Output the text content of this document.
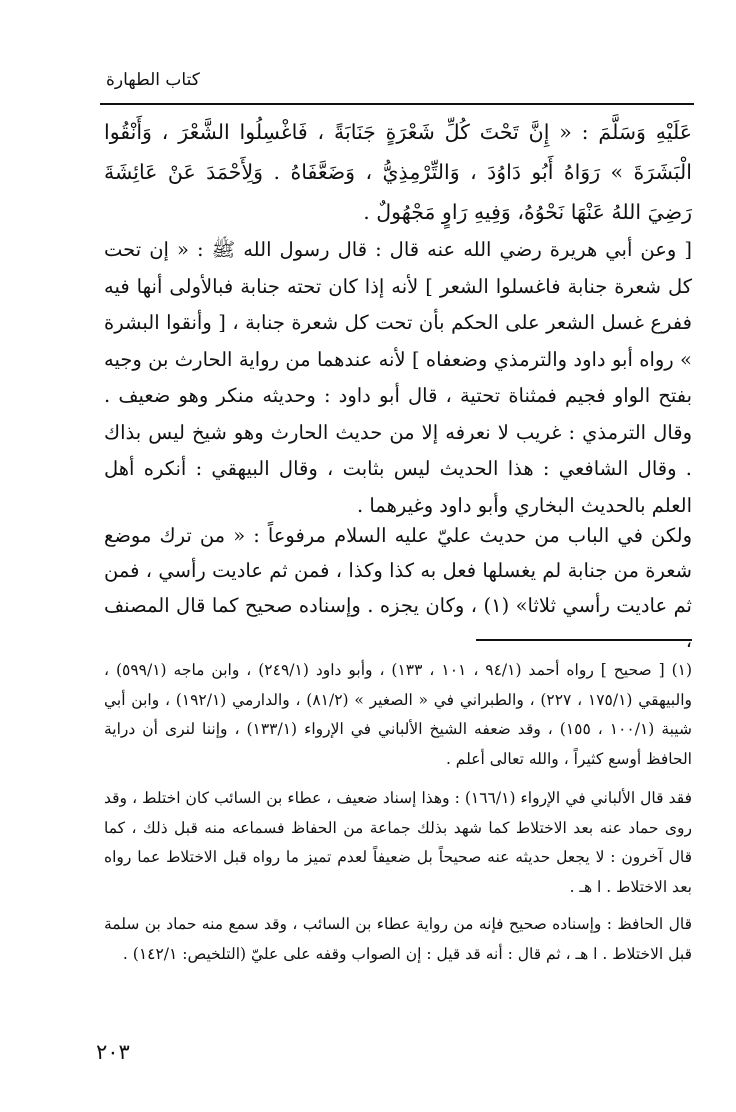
كتاب الطهارة

عَلَيْهِ وَسَلَّمَ : « إِنَّ تَحْتَ كُلِّ شَعْرَةٍ جَنَابَةً ، فَاغْسِلُوا الشَّعْرَ ، وَأَنْقُوا الْبَشَرَةَ » رَوَاهُ أَبُو دَاوُدَ ، وَالتِّرْمِذِيُّ ، وَضَعَّفَاهُ . وَلِأَحْمَدَ عَنْ عَائِشَةَ رَضِيَ اللهُ عَنْهَا نَحْوُهُ، وَفِيهِ رَاوٍ مَجْهُولٌ .

[ وعن أبي هريرة رضي الله عنه قال : قال رسول الله ﷺ : « إن تحت كل شعرة جنابة فاغسلوا الشعر ] لأنه إذا كان تحته جنابة فبالأولى أنها فيه ففرع غسل الشعر على الحكم بأن تحت كل شعرة جنابة ، [ وأنقوا البشرة » رواه أبو داود والترمذي وضعفاه ] لأنه عندهما من رواية الحارث بن وجيه بفتح الواو فجيم فمثناة تحتية ، قال أبو داود : وحديثه منكر وهو ضعيف . وقال الترمذي : غريب لا نعرفه إلا من حديث الحارث وهو شيخ ليس بذاك . وقال الشافعي : هذا الحديث ليس بثابت ، وقال البيهقي : أنكره أهل العلم بالحديث البخاري وأبو داود وغيرهما .

ولكن في الباب من حديث عليّ عليه السلام مرفوعاً : « من ترك موضع شعرة من جنابة لم يغسلها فعل به كذا وكذا ، فمن ثم عاديت رأسي ، فمن ثم عاديت رأسي ثلاثا» (١) ، وكان يجزه . وإسناده صحيح كما قال المصنف

(١) [ صحيح ] رواه أحمد (٩٤/١ ، ١٠١ ، ١٣٣) ، وأبو داود (٢٤٩/١) ، وابن ماجه (٥٩٩/١) ، والبيهقي (١٧٥/١ ، ٢٢٧) ، والطبراني في « الصغير » (٨١/٢) ، والدارمي (١٩٢/١) ، وابن أبي شيبة (١٠٠/١ ، ١٥٥) ، وقد ضعفه الشيخ الألباني في الإرواء (١٣٣/١) ، وإننا لنرى أن دراية الحافظ أوسع كثيراً ، والله تعالى أعلم .

فقد قال الألباني في الإرواء (١٦٦/١) : وهذا إسناد ضعيف ، عطاء بن السائب كان اختلط ، وقد روى حماد عنه بعد الاختلاط كما شهد بذلك جماعة من الحفاظ فسماعه منه قبل ذلك ، كما قال آخرون : لا يجعل حديثه عنه صحيحاً بل ضعيفاً لعدم تميز ما رواه قبل الاختلاط عما رواه بعد الاختلاط . ا هـ .

قال الحافظ : وإسناده صحيح فإنه من رواية عطاء بن السائب ، وقد سمع منه حماد بن سلمة قبل الاختلاط . ا هـ ، ثم قال : أنه قد قيل : إن الصواب وقفه على عليّ (التلخيص: ١٤٢/١) .

٢٠٣
